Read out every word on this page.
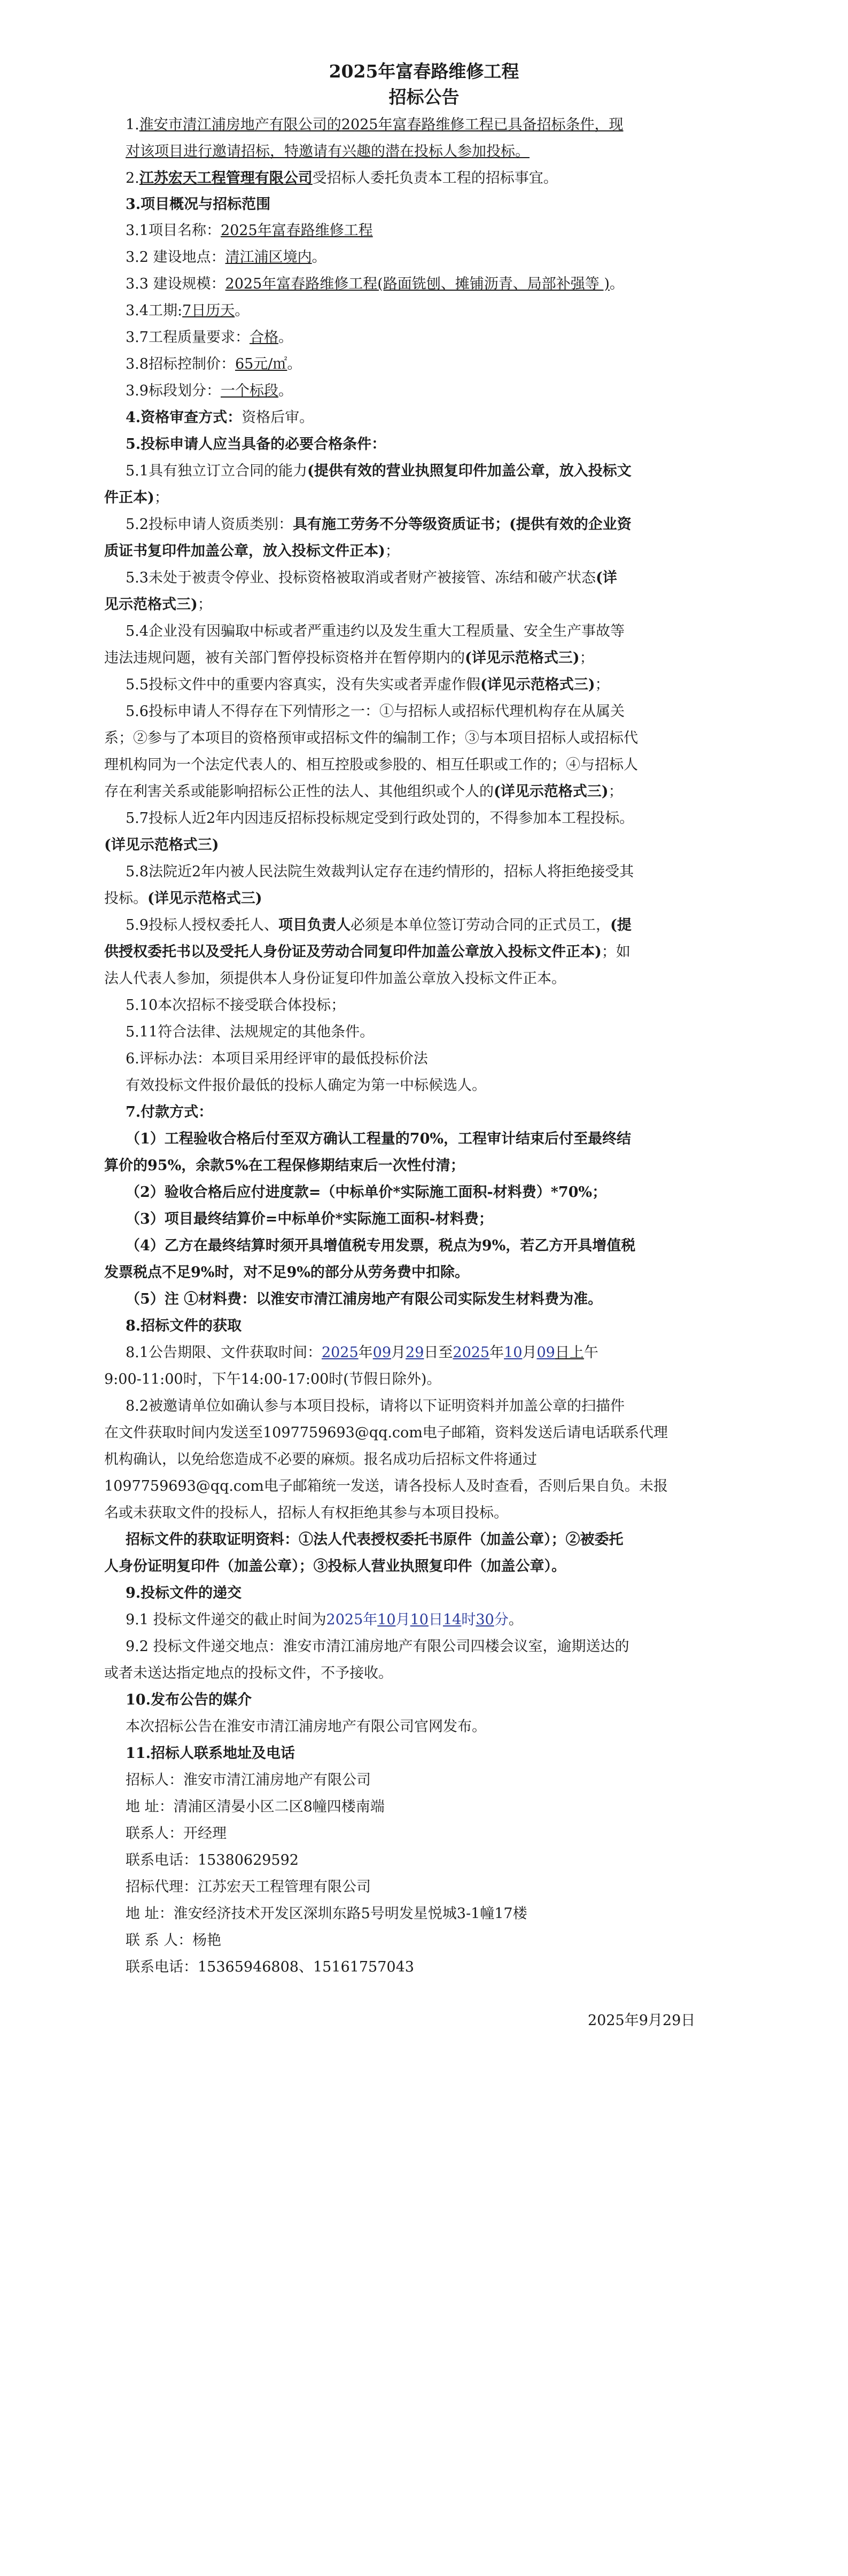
2025年富春路维修工程
招标公告
1.淮安市清江浦房地产有限公司的2025年富春路维修工程已具备招标条件，现
对该项目进行邀请招标，特邀请有兴趣的潜在投标人参加投标。
2.江苏宏天工程管理有限公司受招标人委托负责本工程的招标事宜。
3.项目概况与招标范围
3.1项目名称：2025年富春路维修工程
3.2 建设地点：清江浦区境内。
3.3 建设规模：2025年富春路维修工程(路面铣刨、摊铺沥青、局部补强等 )。
3.4工期:7日历天。
3.7工程质量要求：合格。
3.8招标控制价：65元/㎡。
3.9标段划分：一个标段。
4.资格审查方式：资格后审。
5.投标申请人应当具备的必要合格条件：
5.1具有独立订立合同的能力(提供有效的营业执照复印件加盖公章，放入投标文
件正本)；
5.2投标申请人资质类别：具有施工劳务不分等级资质证书；(提供有效的企业资
质证书复印件加盖公章，放入投标文件正本)；
5.3未处于被责令停业、投标资格被取消或者财产被接管、冻结和破产状态(详
见示范格式三)；
5.4企业没有因骗取中标或者严重违约以及发生重大工程质量、安全生产事故等
违法违规问题，被有关部门暂停投标资格并在暂停期内的(详见示范格式三)；
5.5投标文件中的重要内容真实，没有失实或者弄虚作假(详见示范格式三)；
5.6投标申请人不得存在下列情形之一：①与招标人或招标代理机构存在从属关
系；②参与了本项目的资格预审或招标文件的编制工作；③与本项目招标人或招标代
理机构同为一个法定代表人的、相互控股或参股的、相互任职或工作的；④与招标人
存在利害关系或能影响招标公正性的法人、其他组织或个人的(详见示范格式三)；
5.7投标人近2年内因违反招标投标规定受到行政处罚的，不得参加本工程投标。
(详见示范格式三)
5.8法院近2年内被人民法院生效裁判认定存在违约情形的，招标人将拒绝接受其
投标。(详见示范格式三)
5.9投标人授权委托人、项目负责人必须是本单位签订劳动合同的正式员工，(提
供授权委托书以及受托人身份证及劳动合同复印件加盖公章放入投标文件正本)；如
法人代表人参加，须提供本人身份证复印件加盖公章放入投标文件正本。
5.10本次招标不接受联合体投标；
5.11符合法律、法规规定的其他条件。
6.评标办法：本项目采用经评审的最低投标价法
有效投标文件报价最低的投标人确定为第一中标候选人。
7.付款方式：
（1）工程验收合格后付至双方确认工程量的70%，工程审计结束后付至最终结
算价的95%，余款5%在工程保修期结束后一次性付清；
（2）验收合格后应付进度款=（中标单价*实际施工面积-材料费）*70%；
（3）项目最终结算价=中标单价*实际施工面积-材料费；
（4）乙方在最终结算时须开具增值税专用发票，税点为9%，若乙方开具增值税
发票税点不足9%时，对不足9%的部分从劳务费中扣除。
（5）注 ①材料费：以淮安市清江浦房地产有限公司实际发生材料费为准。
8.招标文件的获取
8.1公告期限、文件获取时间：2025年09月29日至2025年10月09日上午
9:00-11:00时，下午14:00-17:00时(节假日除外)。
8.2被邀请单位如确认参与本项目投标，请将以下证明资料并加盖公章的扫描件
在文件获取时间内发送至1097759693@qq.com电子邮箱，资料发送后请电话联系代理
机构确认，以免给您造成不必要的麻烦。报名成功后招标文件将通过
1097759693@qq.com电子邮箱统一发送，请各投标人及时查看，否则后果自负。未报
名或未获取文件的投标人，招标人有权拒绝其参与本项目投标。
招标文件的获取证明资料：①法人代表授权委托书原件（加盖公章）；②被委托
人身份证明复印件（加盖公章）；③投标人营业执照复印件（加盖公章）。
9.投标文件的递交
9.1 投标文件递交的截止时间为2025年10月10日14时30分。
9.2 投标文件递交地点：淮安市清江浦房地产有限公司四楼会议室，逾期送达的
或者未送达指定地点的投标文件，不予接收。
10.发布公告的媒介
本次招标公告在淮安市清江浦房地产有限公司官网发布。
11.招标人联系地址及电话
招标人：淮安市清江浦房地产有限公司
地 址：清浦区清晏小区二区8幢四楼南端
联系人：开经理
联系电话：15380629592
招标代理：江苏宏天工程管理有限公司
地 址：淮安经济技术开发区深圳东路5号明发星悦城3-1幢17楼
联 系 人：杨艳
联系电话：15365946808、15161757043
2025年9月29日
